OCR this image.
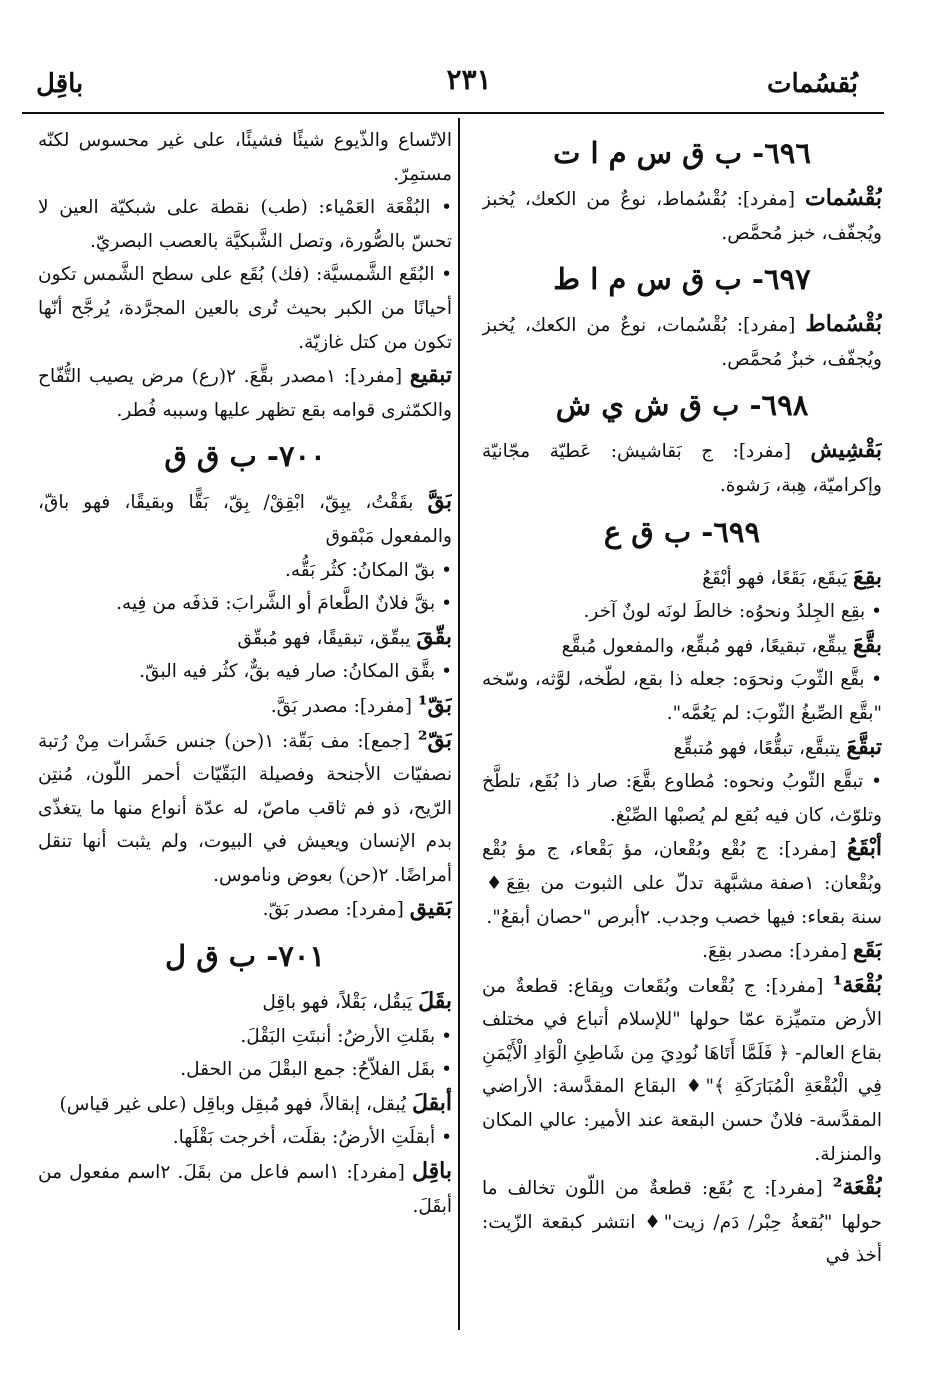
بُقسُمات
٢٣١
باقِل

٦٩٦- ب ق س م ا ت

بُقْسُمات [مفرد]: بُقْسُماط، نوعٌ من الكعك، يُخبز ويُجفّف، خبز مُحمَّص.

٦٩٧- ب ق س م ا ط

بُقْسُماط [مفرد]: بُقْسُمات، نوعٌ من الكعك، يُخبز ويُجفّف، خبزٌ مُحمَّص.

٦٩٨- ب ق ش ي ش

بَقْشِيش [مفرد]: ج بَقاشيش: عَطيّة مجّانيّة وإكراميّة، هِبة، رَشوة.

٦٩٩- ب ق ع

بقِعَ يَبقَع، بَقَعًا، فهو أبْقَعُ

• بقِع الجِلدُ ونحوُه: خالطَ لونَه لونٌ آخر.

بقَّعَ يبقِّع، تبقيعًا، فهو مُبقِّع، والمفعول مُبقَّع

• بقَّع الثّوبَ ونحوَه: جعله ذا بقع، لطّخه، لوَّثه، وسّخه "بقَّع الصِّبغُ الثّوبَ: لم يَعُمَّه".

تبقَّعَ يتبقَّع، تبقُّعًا، فهو مُتبقِّع

• تبقَّع الثّوبُ ونحوه: مُطاوع بقَّعَ: صار ذا بُقَع، تلطَّخ وتلوّث، كان فيه بُقع لم يُصبْها الصِّبْغ.

أبْقَعُ [مفرد]: ج بُقْع وبُقْعان، مؤ بَقْعاء، ج مؤ بُقْع وبُقْعان: ١صفة مشبَّهة تدلّ على الثبوت من بقِعَ♦ سنة بقعاء: فيها خصب وجدب. ٢أبرص "حصان أبقعُ".

بَقَع [مفرد]: مصدر بقِعَ.

بُقْعَة¹ [مفرد]: ج بُقْعات وبُقَعات وبِقاع: قطعةٌ من الأرض متميِّزة عمّا حولها "للإسلام أتباع في مختلف بقاع العالم- ﴿ فَلَمَّا أَتَاهَا نُودِيَ مِن شَاطِئِ الْوَادِ الْأَيْمَنِ فِي الْبُقْعَةِ الْمُبَارَكَةِ ﴾"♦ البقاع المقدَّسة: الأراضي المقدَّسة- فلانٌ حسن البقعة عند الأمير: عالي المكان والمنزلة.

بُقْعَة² [مفرد]: ج بُقَع: قطعةٌ من اللّون تخالف ما حولها "بُقعةُ حِبْر/ دَم/ زيت"♦ انتشر كبقعة الزّيت: أخذ في

الاتّساع والذّيوع شيئًا فشيئًا، على غير محسوس لكنّه مستمِرّ.

• البُقْعَة العَمْياء: (طب) نقطة على شبكيّة العين لا تحسّ بالصُّورة، وتصل الشَّبكيَّة بالعصب البصريّ.

• البُقَع الشَّمسيَّة: (فك) بُقَع على سطح الشَّمس تكون أحيانًا من الكبر بحيث تُرى بالعين المجرَّدة، يُرجَّح أنّها تكون من كتل غازيّة.

تبقيع [مفرد]: ١مصدر بقَّعَ. ٢(رع) مرض يصيب التُّفّاح والكمّثرى قوامه بقع تظهر عليها وسببه فُطر.

٧٠٠- ب ق ق

بَقَّ بقَقْتُ، يبِقّ، ابْقِقْ/ بِقّ، بَقًّا وبقيقًا، فهو باقّ، والمفعول مَبْقوق

• بقّ المكانُ: كثُر بَقُّه.

• بقَّ فلانٌ الطَّعامَ أو الشَّرابَ: قذفَه من فِيه.

بقّقَ يبقّق، تبقيقًا، فهو مُبقّق

• بقَّق المكانُ: صار فيه بقٌّ، كثُر فيه البقّ.

بَقّ¹ [مفرد]: مصدر بَقَّ.

بَقّ² [جمع]: مف بَقّة: ١(حن) جنس حَشَرات مِنْ رُتبة نصفيّات الأجنحة وفصيلة البَقّيّات أحمر اللّون، مُنتِن الرّيح، ذو فم ثاقب ماصّ، له عدّة أنواع منها ما يتغذّى بدم الإنسان ويعيش في البيوت، ولم يثبت أنها تنقل أمراضًا. ٢(حن) بعوض وناموس.

بَقيق [مفرد]: مصدر بَقّ.

٧٠١- ب ق ل

بقَلَ يَبقُل، بَقْلاً، فهو باقِل

• بقَلتِ الأرضُ: أنبتَتِ البَقْلَ.

• بقَل الفلاّحُ: جمع البقْلَ من الحقل.

أبقلَ يُبقل، إبقالاً، فهو مُبقِل وباقِل (على غير قياس)

• أبقلَتِ الأرضُ: بقلَت، أخرجت بَقْلَها.

باقِل [مفرد]: ١اسم فاعل من بقَلَ. ٢اسم مفعول من أبقَلَ.
